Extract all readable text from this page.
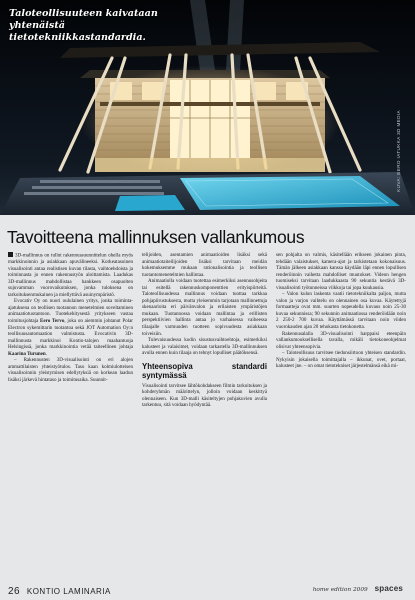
Taloteollisuuteen kaivataan yhtenäistä tietotekniikkastandardia.
KUVA: EERO IATUKKA 3D MEDIA
Tavoitteena mallinnuksen vallankumous

3D-mallinnus on tullut rakennussuunnittelun ohella myös markkinoinnin ja asiakkaan apuvälineeksi. Korkeatasoinen visualisointi antaa realistisen kuvan tilasta, vaihtoehdoista ja toiminnasta jo ennen rakennustyön aloittamista. Laadukas 3D-mallinnus mahdollistaa hankkeen osapuolten sujuvamman vuorovaikutuksen, jonka tuloksena on tarkoituksenmukainen ja miellyttävä asuinympäristö.

Evocativ Oy on nuori oululainen yritys, jonka toiminta-ajatuksena on teollisen tuotannon menetelmien soveltaminen animaatiotuotantoon. Tuotekehitysestä yritykseen vastaa toimitusjohtaja Eero Tervo, joka on aiemmin johtanut Polar Electron sykemittarin tuotantoa sekä JOT Automation Oy:n teollisuusautomaation valmistusta. Evocativin 3D-mallinnusta markkinoi Kontio-talojen maahantuoja Helsingissä, jonka markkinointia vetää taiteellinen johtaja Kaarina Turunen.

– Rakennusten 3D-visualisointi on eri alojen ammattilaisten yhteistyötulos. Taso kaan kolmiulotteisen visualisoinnin yleistymisen edellytyksiä on korkean laadun lisäksi järkevä hintataso ja toimitusaika. Suunnit-

telijoiden, asentamien animaatioiden lisäksi sekä animaatiotaiteilijoiden lisäksi tarvitaan meidän kokemuksemme mukaan rationalisointia ja teollisen tuotantomenetelmien hallintaa.

Animaatiolla voidaan tuotettaa esimerkiksi asennusohjeita tai esitellä rakennuskomponenttien erityispiirteitä. Taloteollisuudessa mallinnus voidaan tuottaa tarkkaa pohjapiirustuksesta, mutta yleisemmin tarjotaan mallinnettuja skenaarioita eri päivänvalon ja erilaisten ympäristöjen mukaan. Tuotannossa voidaan mallintaa ja erillisten perspektiivien hallinta antaa jo varhaisessa vaiheessa tilaajalle varmuuden tuotteen sopivuudesta asiakkaan toiveisiin.

Tulevaisuudessa kodin sisustusvaihtoehtoja, esimerkiksi kalusteet ja valaisimet, voidaan tarkastella 3D-mallinnuksen avulla ennen kuin tilaaja on tehnyt lopulliset päätöksensä.

Yhteensopiva standardi syntymässä

Visualisointi tarvitsee lähtökohdakseen filmin tarkoituksen ja kohderyhmän määrittelyn, jolloin voidaan keskittyä olennaiseen. Kun 3D-malli käsiteltyjen pohjakuvien avulla tarkentuu, sitä voidaan hyödyntää.

sen pohjalta on valmis, käsitellään erikseen jokainen pinta, tehdään valaistukset, kamera-ajot ja tarkistetaan kokonaisuus. Tämän jälkeen asiakkaan kanssa käydään läpi ennen lopullisen renderöinnin vaihetta mahdolliset muutokset. Videon hengen tuomiseksi tarvitaan laadukkaasta 90 sekuntia kestävä 3D-visualisointi työtunneissa viikkoja tai jopa kuukausia.

– Valon kulun laskenta vaatii tietotekniikalta paljon, mutta valon ja varjon vaihtelu on olennainen osa kuvaa. Käytettyjä formaatteja ovat mm. suurten nopeudella kuvaus noin 25-30 kuvaa sekunnissa; 90 sekunnin animaatiossa renderöidään noin 2 250-2 700 kuvaa. Käyttämässä tarvitaan noin viiden vuorokauden ajan 20 tehokasta tietokonetta.

Rakennusalalla 3D-visualisointi harppaisi eteenpäin vallankumouksellisella tavalla, mikäli tietokoneohjelmat olisivat yhteensopivia.

– Taloteollisuus tarvitsee tiedonsiirtoon yhteisen standardin. Nykyisin jokaisella toimittajalla – ikkunat, ovet, portaat, kalusteet jne. – on omat tietotekniset järjestelmänsä eikä mi-

26 KONTIO LAMINARIA	home edition 2009 spaces
